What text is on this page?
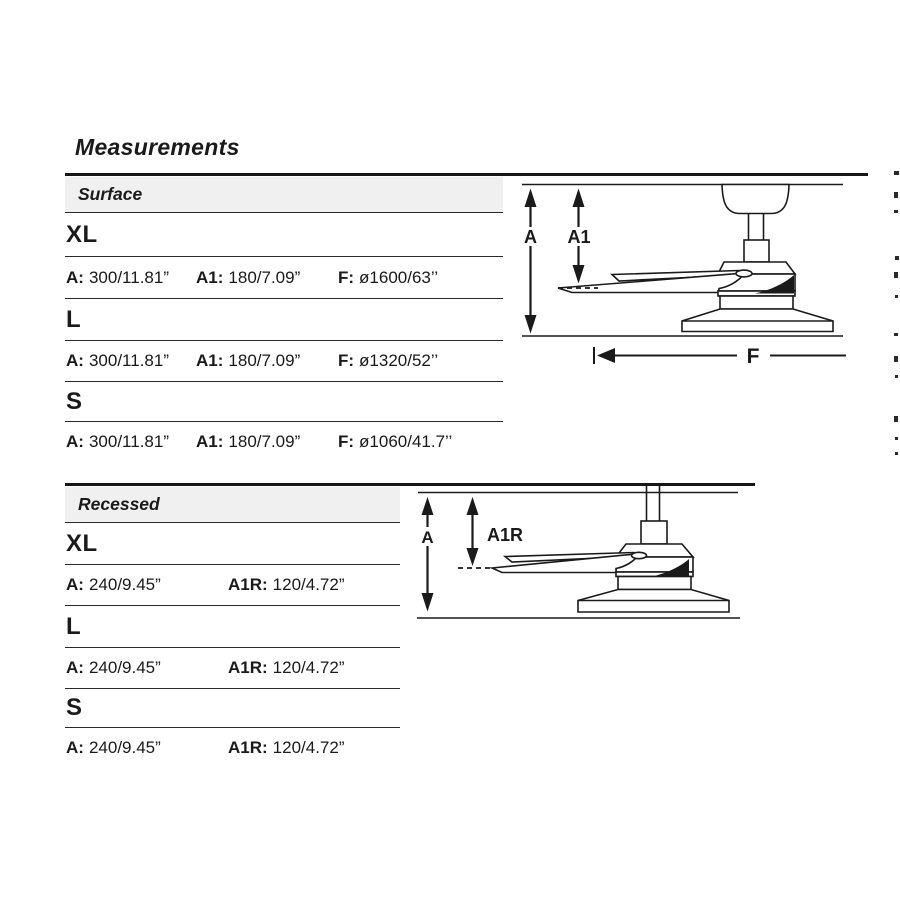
Measurements
Surface
XL
A: 300/11.81”	A1: 180/7.09”	F: ø1600/63’’
L
A: 300/11.81”	A1: 180/7.09”	F: ø1320/52’’
S
A: 300/11.81”	A1: 180/7.09”	F: ø1060/41.7’’
Recessed
XL
A: 240/9.45”	A1R: 120/4.72”
L
A: 240/9.45”	A1R: 120/4.72”
S
A: 240/9.45”	A1R: 120/4.72”
A A1
F
A	A1R
